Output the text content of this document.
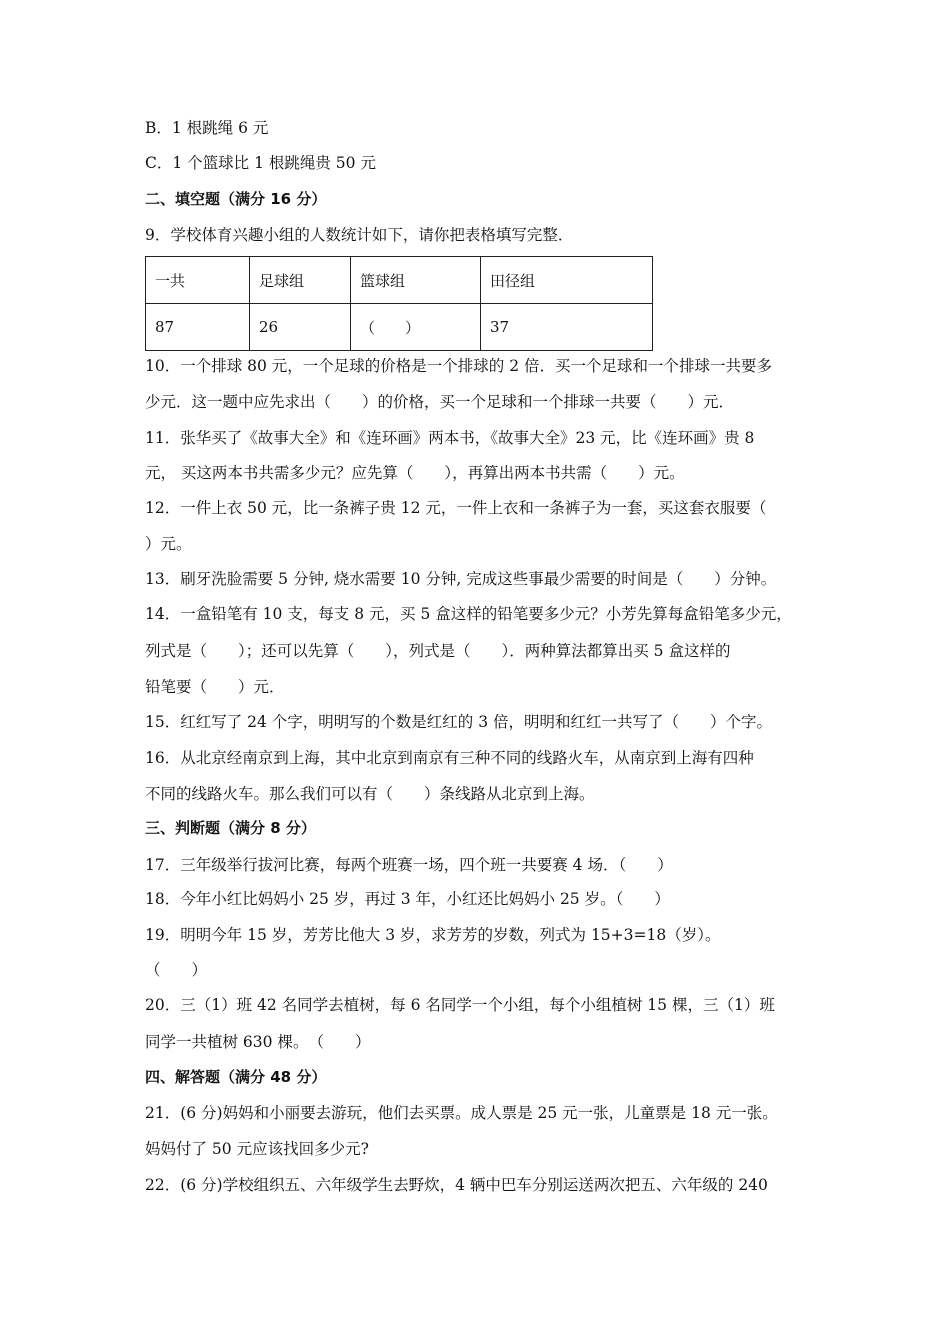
B．1 根跳绳 6 元
C．1 个篮球比 1 根跳绳贵 50 元
二、填空题（满分 16 分）
9．学校体育兴趣小组的人数统计如下，请你把表格填写完整．
一共	足球组	篮球组	田径组
87	26	（　　）	37
10．一个排球 80 元，一个足球的价格是一个排球的 2 倍．买一个足球和一个排球一共要多
少元．这一题中应先求出（　　）的价格，买一个足球和一个排球一共要（　　）元．
11．张华买了《故事大全》和《连环画》两本书，《故事大全》23 元，比《连环画》贵 8
元， 买这两本书共需多少元？应先算（　　），再算出两本书共需（　　）元。
12．一件上衣 50 元，比一条裤子贵 12 元，一件上衣和一条裤子为一套，买这套衣服要（
）元。
13．刷牙洗脸需要 5 分钟, 烧水需要 10 分钟, 完成这些事最少需要的时间是（　　）分钟。
14．一盒铅笔有 10 支，每支 8 元，买 5 盒这样的铅笔要多少元？小芳先算每盒铅笔多少元，
列式是（　　）；还可以先算（　　），列式是（　　）．两种算法都算出买 5 盒这样的
铅笔要（　　）元．
15．红红写了 24 个字，明明写的个数是红红的 3 倍，明明和红红一共写了（　　）个字。
16．从北京经南京到上海，其中北京到南京有三种不同的线路火车，从南京到上海有四种
不同的线路火车。那么我们可以有（　　）条线路从北京到上海。
三、判断题（满分 8 分）
17．三年级举行拔河比赛，每两个班赛一场，四个班一共要赛 4 场．（　　）
18．今年小红比妈妈小 25 岁，再过 3 年，小红还比妈妈小 25 岁。（　　）
19．明明今年 15 岁，芳芳比他大 3 岁，求芳芳的岁数，列式为 15+3=18（岁）。
（　　）
20．三（1）班 42 名同学去植树，每 6 名同学一个小组，每个小组植树 15 棵，三（1）班
同学一共植树 630 棵。　（　　）
四、解答题（满分 48 分）
21．(6 分)妈妈和小丽要去游玩，他们去买票。成人票是 25 元一张，儿童票是 18 元一张。
妈妈付了 50 元应该找回多少元?
22．(6 分)学校组织五、六年级学生去野炊，4 辆中巴车分别运送两次把五、六年级的 240
